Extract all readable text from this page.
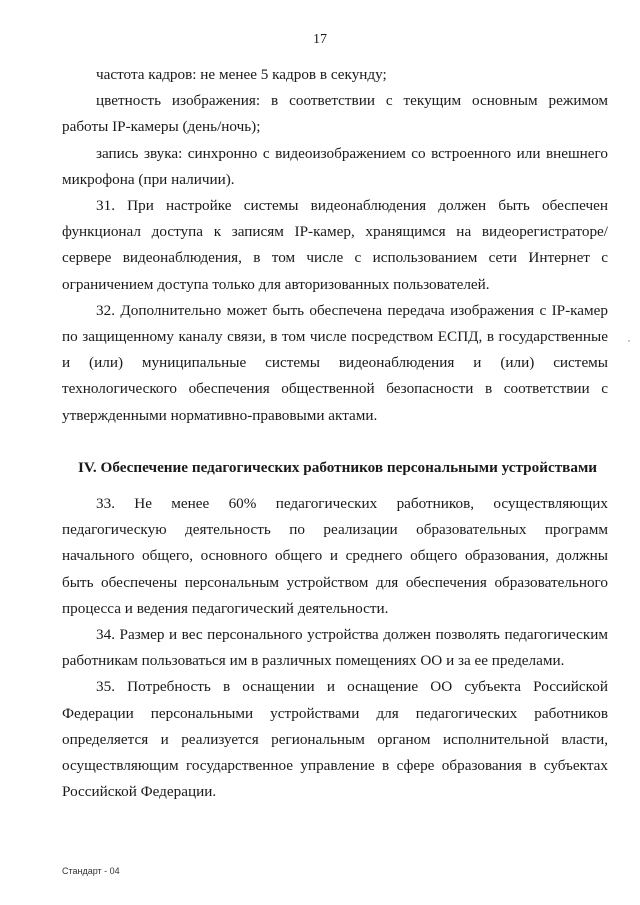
17

частота кадров: не менее 5 кадров в секунду;

цветность изображения: в соответствии с текущим основным режимом работы IP-камеры (день/ночь);

запись звука: синхронно с видеоизображением со встроенного или внешнего микрофона (при наличии).

31. При настройке системы видеонаблюдения должен быть обеспечен функционал доступа к записям IP-камер, хранящимся на видеорегистраторе/сервере видеонаблюдения, в том числе с использованием сети Интернет с ограничением доступа только для авторизованных пользователей.

32. Дополнительно может быть обеспечена передача изображения с IP-камер по защищенному каналу связи, в том числе посредством ЕСПД, в государственные и (или) муниципальные системы видеонаблюдения и (или) системы технологического обеспечения общественной безопасности в соответствии с утвержденными нормативно-правовыми актами.

IV. Обеспечение педагогических работников персональными устройствами

33. Не менее 60% педагогических работников, осуществляющих педагогическую деятельность по реализации образовательных программ начального общего, основного общего и среднего общего образования, должны быть обеспечены персональным устройством для обеспечения образовательного процесса и ведения педагогический деятельности.

34. Размер и вес персонального устройства должен позволять педагогическим работникам пользоваться им в различных помещениях ОО и за ее пределами.

35. Потребность в оснащении и оснащение ОО субъекта Российской Федерации персональными устройствами для педагогических работников определяется и реализуется региональным органом исполнительной власти, осуществляющим государственное управление в сфере образования в субъектах Российской Федерации.

Стандарт - 04
